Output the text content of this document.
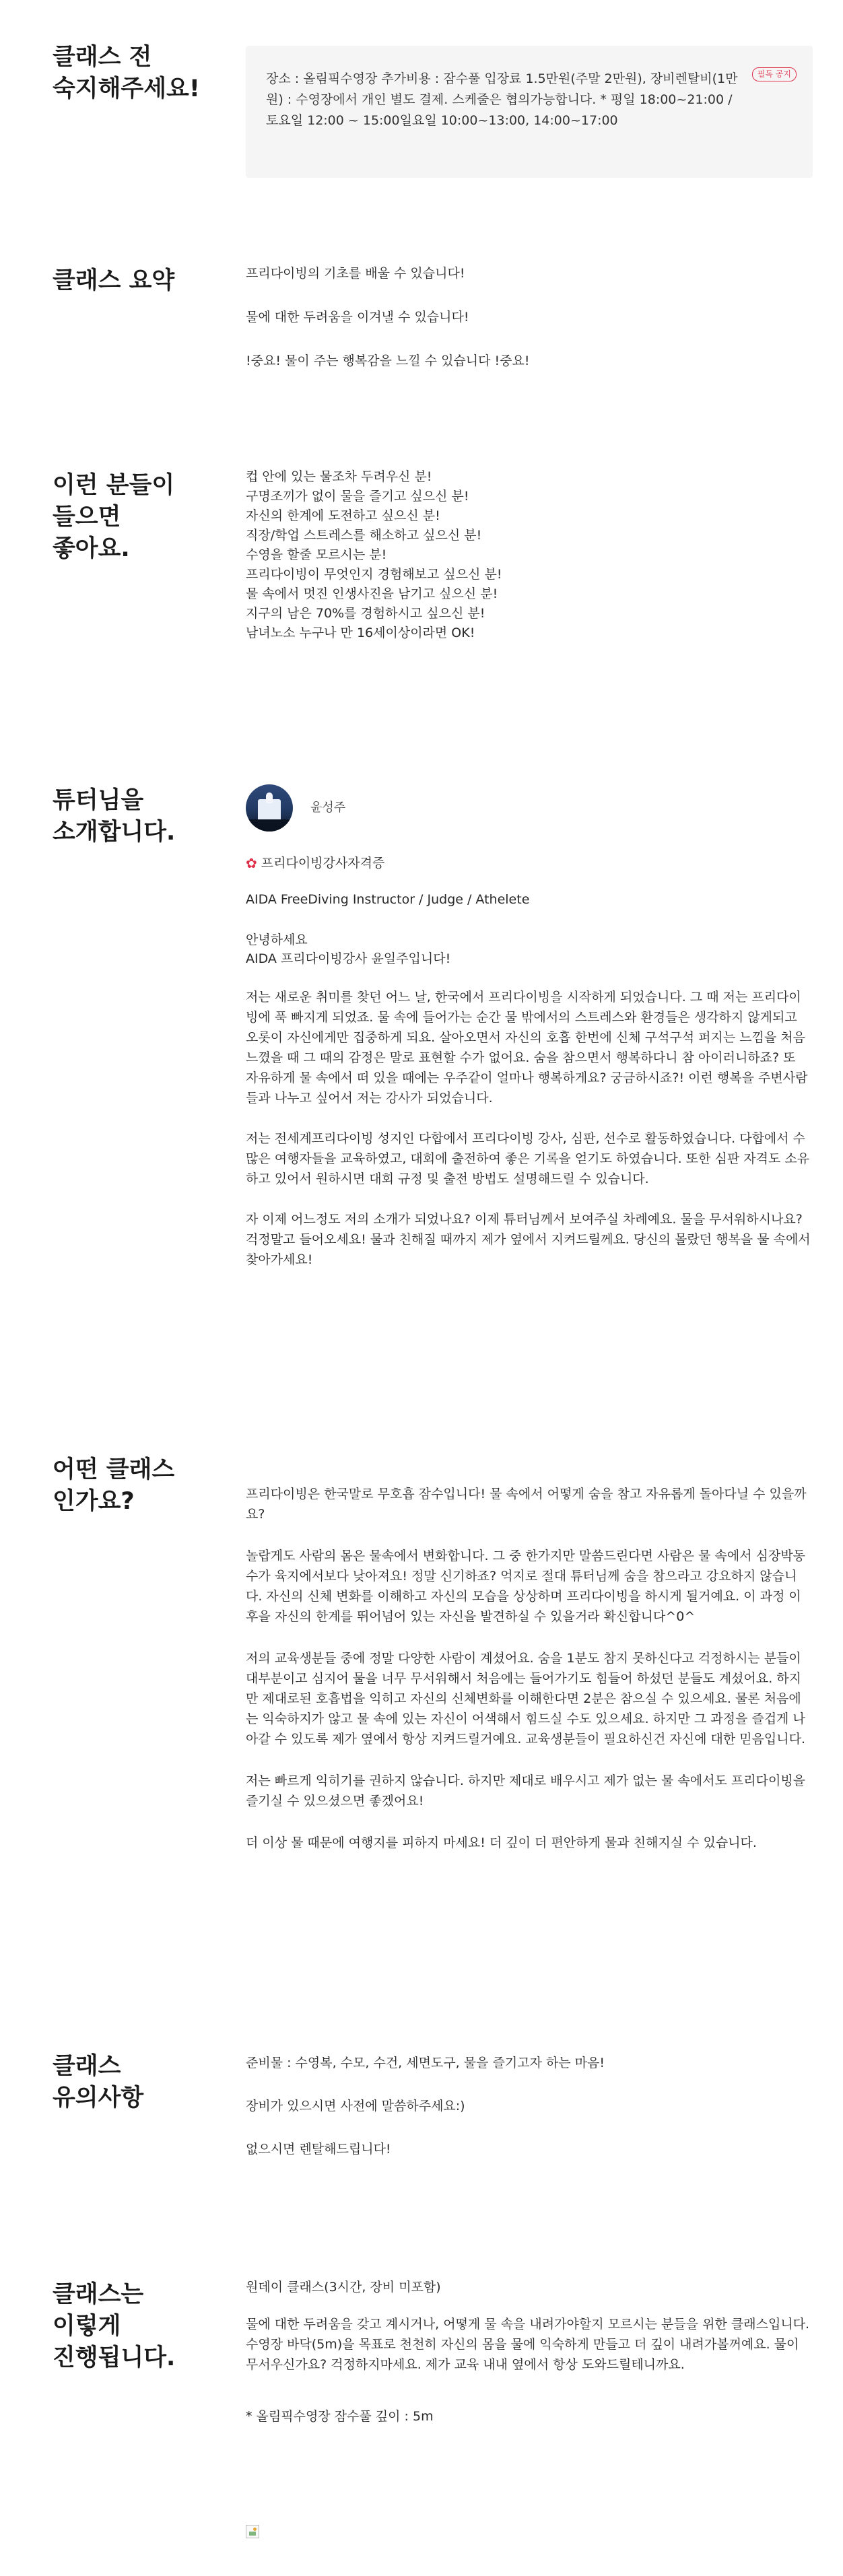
클래스 전
숙지해주세요!
필독 공지

장소 : 올림픽수영장 추가비용 : 잠수풀 입장료 1.5만원(주말 2만원), 장비렌탈비(1만원) : 수영장에서 개인 별도 결제. 스케줄은 협의가능합니다. * 평일 18:00~21:00 / 토요일 12:00 ~ 15:00일요일 10:00~13:00, 14:00~17:00

클래스 요약	프리다이빙의 기초를 배울 수 있습니다!

물에 대한 두려움을 이겨낼 수 있습니다!

!중요! 물이 주는 행복감을 느낄 수 있습니다 !중요!

이런 분들이
들으면
좋아요.
컵 안에 있는 물조차 두려우신 분!
구명조끼가 없이 물을 즐기고 싶으신 분!
자신의 한계에 도전하고 싶으신 분!
직장/학업 스트레스를 해소하고 싶으신 분!
수영을 할줄 모르시는 분!
프리다이빙이 무엇인지 경험해보고 싶으신 분!
물 속에서 멋진 인생사진을 남기고 싶으신 분!
지구의 남은 70%를 경험하시고 싶으신 분!
남녀노소 누구나 만 16세이상이라면 OK!
튜터님을
소개합니다.
윤성주
✿ 프리다이빙강사자격증

AIDA FreeDiving Instructor / Judge / Athelete

안녕하세요

AIDA 프리다이빙강사 윤일주입니다!

저는 새로운 취미를 찾던 어느 날, 한국에서 프리다이빙을 시작하게 되었습니다. 그 때 저는 프리다이빙에 푹 빠지게 되었죠. 물 속에 들어가는 순간 물 밖에서의 스트레스와 환경들은 생각하지 않게되고 오롯이 자신에게만 집중하게 되요. 살아오면서 자신의 호흡 한번에 신체 구석구석 퍼지는 느낌을 처음 느꼈을 때 그 때의 감정은 말로 표현할 수가 없어요. 숨을 참으면서 행복하다니 참 아이러니하죠? 또 자유하게 물 속에서 떠 있을 때에는 우주같이 얼마나 행복하게요? 궁금하시죠?! 이런 행복을 주변사람들과 나누고 싶어서 저는 강사가 되었습니다.

저는 전세계프리다이빙 성지인 다합에서 프리다이빙 강사, 심판, 선수로 활동하였습니다. 다합에서 수 많은 여행자들을 교육하였고, 대회에 출전하여 좋은 기록을 얻기도 하였습니다. 또한 심판 자격도 소유하고 있어서 원하시면 대회 규정 및 출전 방법도 설명해드릴 수 있습니다.

자 이제 어느정도 저의 소개가 되었나요? 이제 튜터님께서 보여주실 차례예요. 물을 무서워하시나요? 걱정말고 들어오세요! 물과 친해질 때까지 제가 옆에서 지켜드릴께요. 당신의 몰랐던 행복을 물 속에서 찾아가세요!

어떤 클래스
인가요?	프리다이빙은 한국말로 무호흡 잠수입니다! 물 속에서 어떻게 숨을 참고 자유롭게 돌아다닐 수 있을까요?

놀랍게도 사람의 몸은 물속에서 변화합니다. 그 중 한가지만 말씀드린다면 사람은 물 속에서 심장박동 수가 육지에서보다 낮아져요! 정말 신기하죠? 억지로 절대 튜터님께 숨을 참으라고 강요하지 않습니다. 자신의 신체 변화를 이해하고 자신의 모습을 상상하며 프리다이빙을 하시게 될거예요. 이 과정 이후을 자신의 한계를 뛰어넘어 있는 자신을 발견하실 수 있을거라 확신합니다^0^

저의 교육생분들 중에 정말 다양한 사람이 계셨어요. 숨을 1분도 참지 못하신다고 걱정하시는 분들이 대부분이고 심지어 물을 너무 무서워해서 처음에는 들어가기도 힘들어 하셨던 분들도 계셨어요. 하지만 제대로된 호흡법을 익히고 자신의 신체변화를 이해한다면 2분은 참으실 수 있으세요. 물론 처음에는 익숙하지가 않고 물 속에 있는 자신이 어색해서 힘드실 수도 있으세요. 하지만 그 과정을 즐겁게 나아갈 수 있도록 제가 옆에서 항상 지켜드릴거예요. 교육생분들이 필요하신건 자신에 대한 믿음입니다.

저는 빠르게 익히기를 권하지 않습니다. 하지만 제대로 배우시고 제가 없는 물 속에서도 프리다이빙을 즐기실 수 있으셨으면 좋겠어요!

더 이상 물 때문에 여행지를 피하지 마세요! 더 깊이 더 편안하게 물과 친해지실 수 있습니다.

클래스
유의사항

준비물 : 수영복, 수모, 수건, 세면도구, 물을 즐기고자 하는 마음!

장비가 있으시면 사전에 말씀하주세요:)

없으시면 렌탈해드립니다!

클래스는
이렇게
진행됩니다.

원데이 클래스(3시간, 장비 미포함)

물에 대한 두려움을 갖고 계시거나, 어떻게 물 속을 내려가야할지 모르시는 분들을 위한 클래스입니다. 수영장 바닥(5m)을 목표로 천천히 자신의 몸을 물에 익숙하게 만들고 더 깊이 내려가볼꺼예요. 물이 무서우신가요? 걱정하지마세요. 제가 교육 내내 옆에서 항상 도와드릴테니까요.

* 올림픽수영장 잠수풀 깊이 : 5m
